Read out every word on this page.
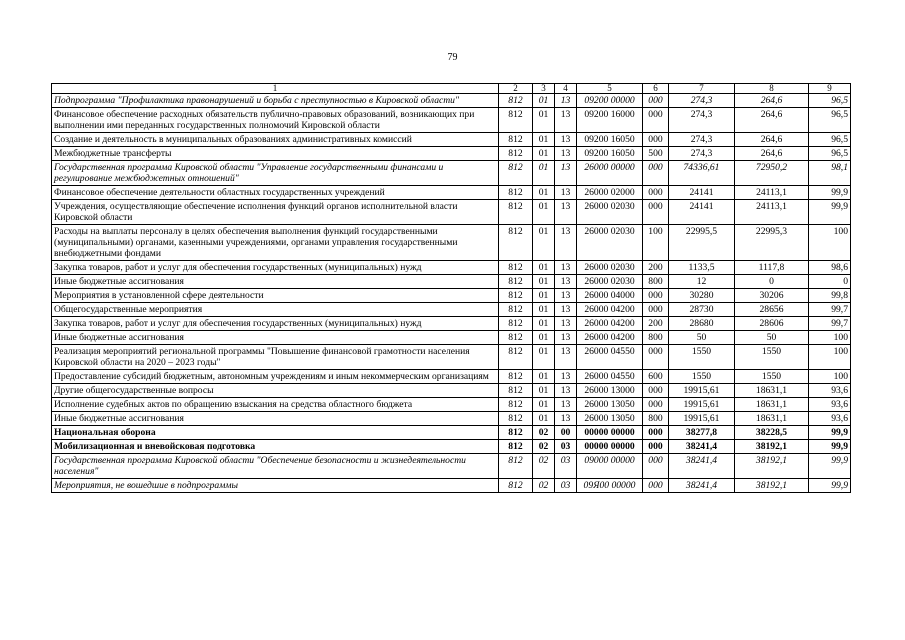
79
1	2	3	4	5	6	7	8	9
Подпрограмма "Профилактика правонарушений и борьба с преступностью в Кировской области"	812	01	13	09200 00000	000	274,3	264,6	96,5
Финансовое обеспечение расходных обязательств публично-правовых образований, возникающих при выполнении ими переданных государственных полномочий Кировской области	812	01	13	09200 16000	000	274,3	264,6	96,5
Создание и деятельность в муниципальных образованиях административных комиссий	812	01	13	09200 16050	000	274,3	264,6	96,5
Межбюджетные трансферты	812	01	13	09200 16050	500	274,3	264,6	96,5
Государственная программа Кировской области "Управление государственными финансами и регулирование межбюджетных отношений"	812	01	13	26000 00000	000	74336,61	72950,2	98,1
Финансовое обеспечение деятельности областных государственных учреждений	812	01	13	26000 02000	000	24141	24113,1	99,9
Учреждения, осуществляющие обеспечение исполнения функций органов исполнительной власти Кировской области	812	01	13	26000 02030	000	24141	24113,1	99,9
Расходы на выплаты персоналу в целях обеспечения выполнения функций государственными (муниципальными) органами, казенными учреждениями, органами управления государственными внебюджетными фондами	812	01	13	26000 02030	100	22995,5	22995,3	100
Закупка товаров, работ и услуг для обеспечения государственных (муниципальных) нужд	812	01	13	26000 02030	200	1133,5	1117,8	98,6
Иные бюджетные ассигнования	812	01	13	26000 02030	800	12	0	0
Мероприятия в установленной сфере деятельности	812	01	13	26000 04000	000	30280	30206	99,8
Общегосударственные мероприятия	812	01	13	26000 04200	000	28730	28656	99,7
Закупка товаров, работ и услуг для обеспечения государственных (муниципальных) нужд	812	01	13	26000 04200	200	28680	28606	99,7
Иные бюджетные ассигнования	812	01	13	26000 04200	800	50	50	100
Реализация мероприятий региональной программы "Повышение финансовой грамотности населения Кировской области на 2020 – 2023 годы"	812	01	13	26000 04550	000	1550	1550	100
Предоставление субсидий бюджетным, автономным учреждениям и иным некоммерческим организациям	812	01	13	26000 04550	600	1550	1550	100
Другие общегосударственные вопросы	812	01	13	26000 13000	000	19915,61	18631,1	93,6
Исполнение судебных актов по обращению взыскания на средства областного бюджета	812	01	13	26000 13050	000	19915,61	18631,1	93,6
Иные бюджетные ассигнования	812	01	13	26000 13050	800	19915,61	18631,1	93,6
Национальная оборона	812	02	00	00000 00000	000	38277,8	38228,5	99,9
Мобилизационная и вневойсковая подготовка	812	02	03	00000 00000	000	38241,4	38192,1	99,9
Государственная программа Кировской области "Обеспечение безопасности и жизнедеятельности населения"	812	02	03	09000 00000	000	38241,4	38192,1	99,9
Мероприятия, не вошедшие в подпрограммы	812	02	03	09Я00 00000	000	38241,4	38192,1	99,9
